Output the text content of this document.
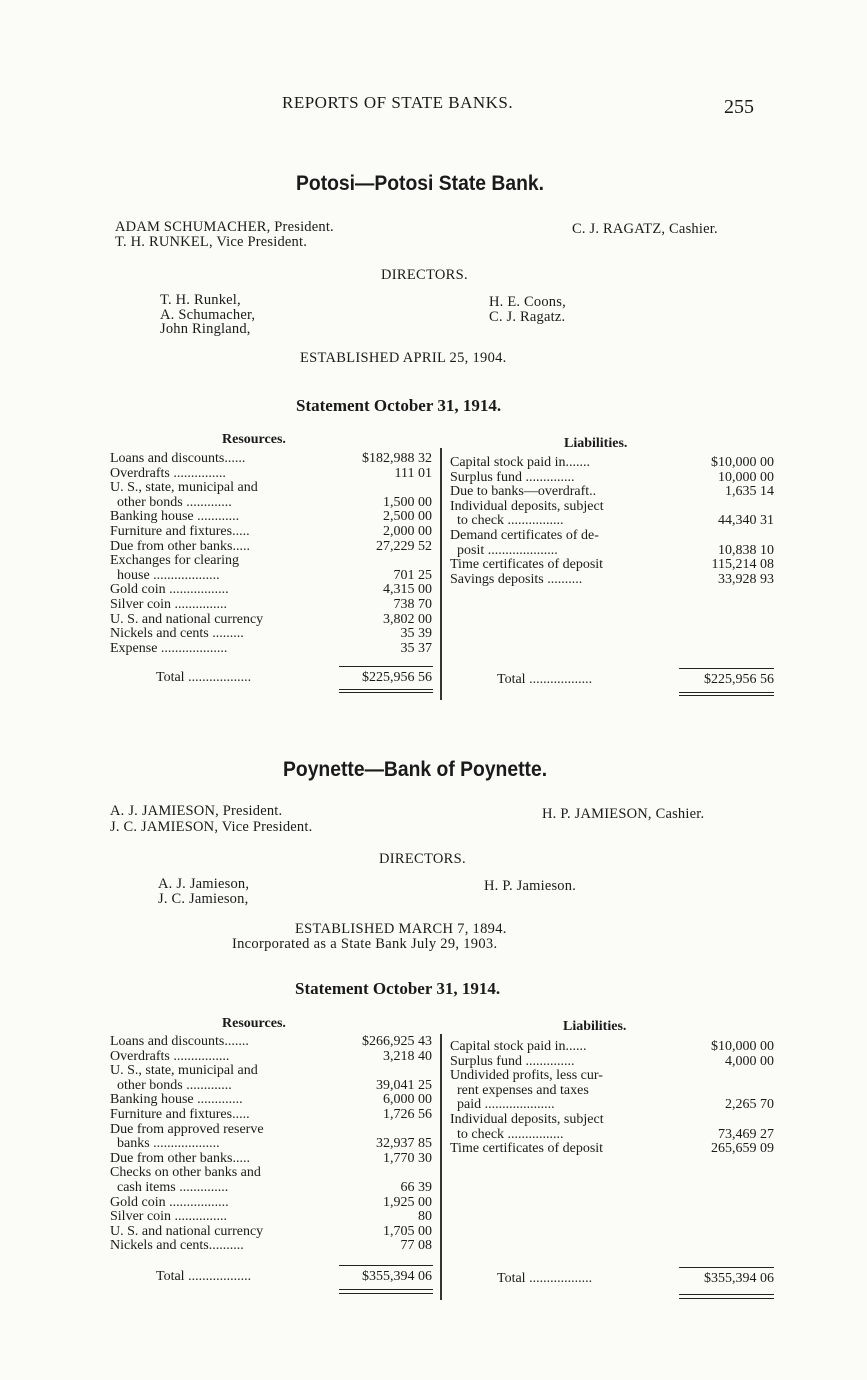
REPORTS OF STATE BANKS.	255
Potosi—Potosi State Bank.
ADAM SCHUMACHER, President.
T. H. RUNKEL, Vice President.
C. J. RAGATZ, Cashier.
DIRECTORS.
T. H. Runkel,
A. Schumacher,
John Ringland,
H. E. Coons,
C. J. Ragatz.
ESTABLISHED APRIL 25, 1904.
Statement October 31, 1914.
Resources.	Liabilities.
Loans and discounts......	$182,988 32
Overdrafts ...............	111 01
U. S., state, municipal and
other bonds .............	1,500 00
Banking house ............	2,500 00
Furniture and fixtures.....	2,000 00
Due from other banks.....	27,229 52
Exchanges for clearing
house ...................	701 25
Gold coin .................	4,315 00
Silver coin ...............	738 70
U. S. and national currency	3,802 00
Nickels and cents .........	35 39
Expense ...................	35 37
Capital stock paid in.......	$10,000 00
Surplus fund ..............	10,000 00
Due to banks—overdraft..	1,635 14
Individual deposits, subject
to check ................	44,340 31
Demand certificates of de-
posit ....................	10,838 10
Time certificates of deposit	115,214 08
Savings deposits ..........	33,928 93
Total ..................	$225,956 56	Total ..................	$225,956 56
Poynette—Bank of Poynette.
A. J. JAMIESON, President.
J. C. JAMIESON, Vice President.
H. P. JAMIESON, Cashier.
DIRECTORS.
A. J. Jamieson,
J. C. Jamieson,
H. P. Jamieson.
ESTABLISHED MARCH 7, 1894.
Incorporated as a State Bank July 29, 1903.
Statement October 31, 1914.
Resources.	Liabilities.
Loans and discounts.......	$266,925 43
Overdrafts ................	3,218 40
U. S., state, municipal and
other bonds .............	39,041 25
Banking house .............	6,000 00
Furniture and fixtures.....	1,726 56
Due from approved reserve
banks ...................	32,937 85
Due from other banks.....	1,770 30
Checks on other banks and
cash items ..............	66 39
Gold coin .................	1,925 00
Silver coin ...............	80
U. S. and national currency	1,705 00
Nickels and cents..........	77 08
Capital stock paid in......	$10,000 00
Surplus fund ..............	4,000 00
Undivided profits, less cur-
rent expenses and taxes
paid ....................	2,265 70
Individual deposits, subject
to check ................	73,469 27
Time certificates of deposit	265,659 09
Total ..................	$355,394 06	Total ..................	$355,394 06
